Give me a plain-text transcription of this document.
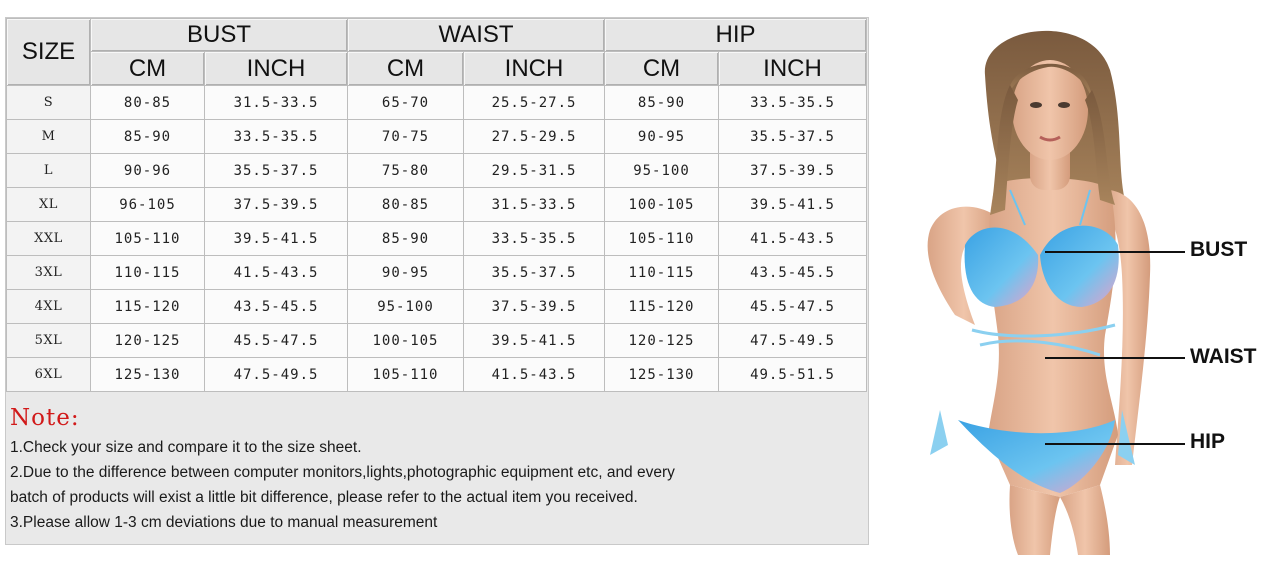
SIZE	BUST		WAIST		HIP	
	CM	INCH	CM	INCH	CM	INCH
S	80-85	31.5-33.5	65-70	25.5-27.5	85-90	33.5-35.5
M	85-90	33.5-35.5	70-75	27.5-29.5	90-95	35.5-37.5
L	90-96	35.5-37.5	75-80	29.5-31.5	95-100	37.5-39.5
XL	96-105	37.5-39.5	80-85	31.5-33.5	100-105	39.5-41.5
XXL	105-110	39.5-41.5	85-90	33.5-35.5	105-110	41.5-43.5
3XL	110-115	41.5-43.5	90-95	35.5-37.5	110-115	43.5-45.5
4XL	115-120	43.5-45.5	95-100	37.5-39.5	115-120	45.5-47.5
5XL	120-125	45.5-47.5	100-105	39.5-41.5	120-125	47.5-49.5
6XL	125-130	47.5-49.5	105-110	41.5-43.5	125-130	49.5-51.5
Note:
1.Check your size and compare it to the size sheet.
2.Due to the difference between computer monitors,lights,photographic equipment etc, and every
batch of products will exist a little bit difference, please refer to the actual item you received.
3.Please allow 1-3 cm deviations due to manual measurement
BUST
WAIST
HIP
